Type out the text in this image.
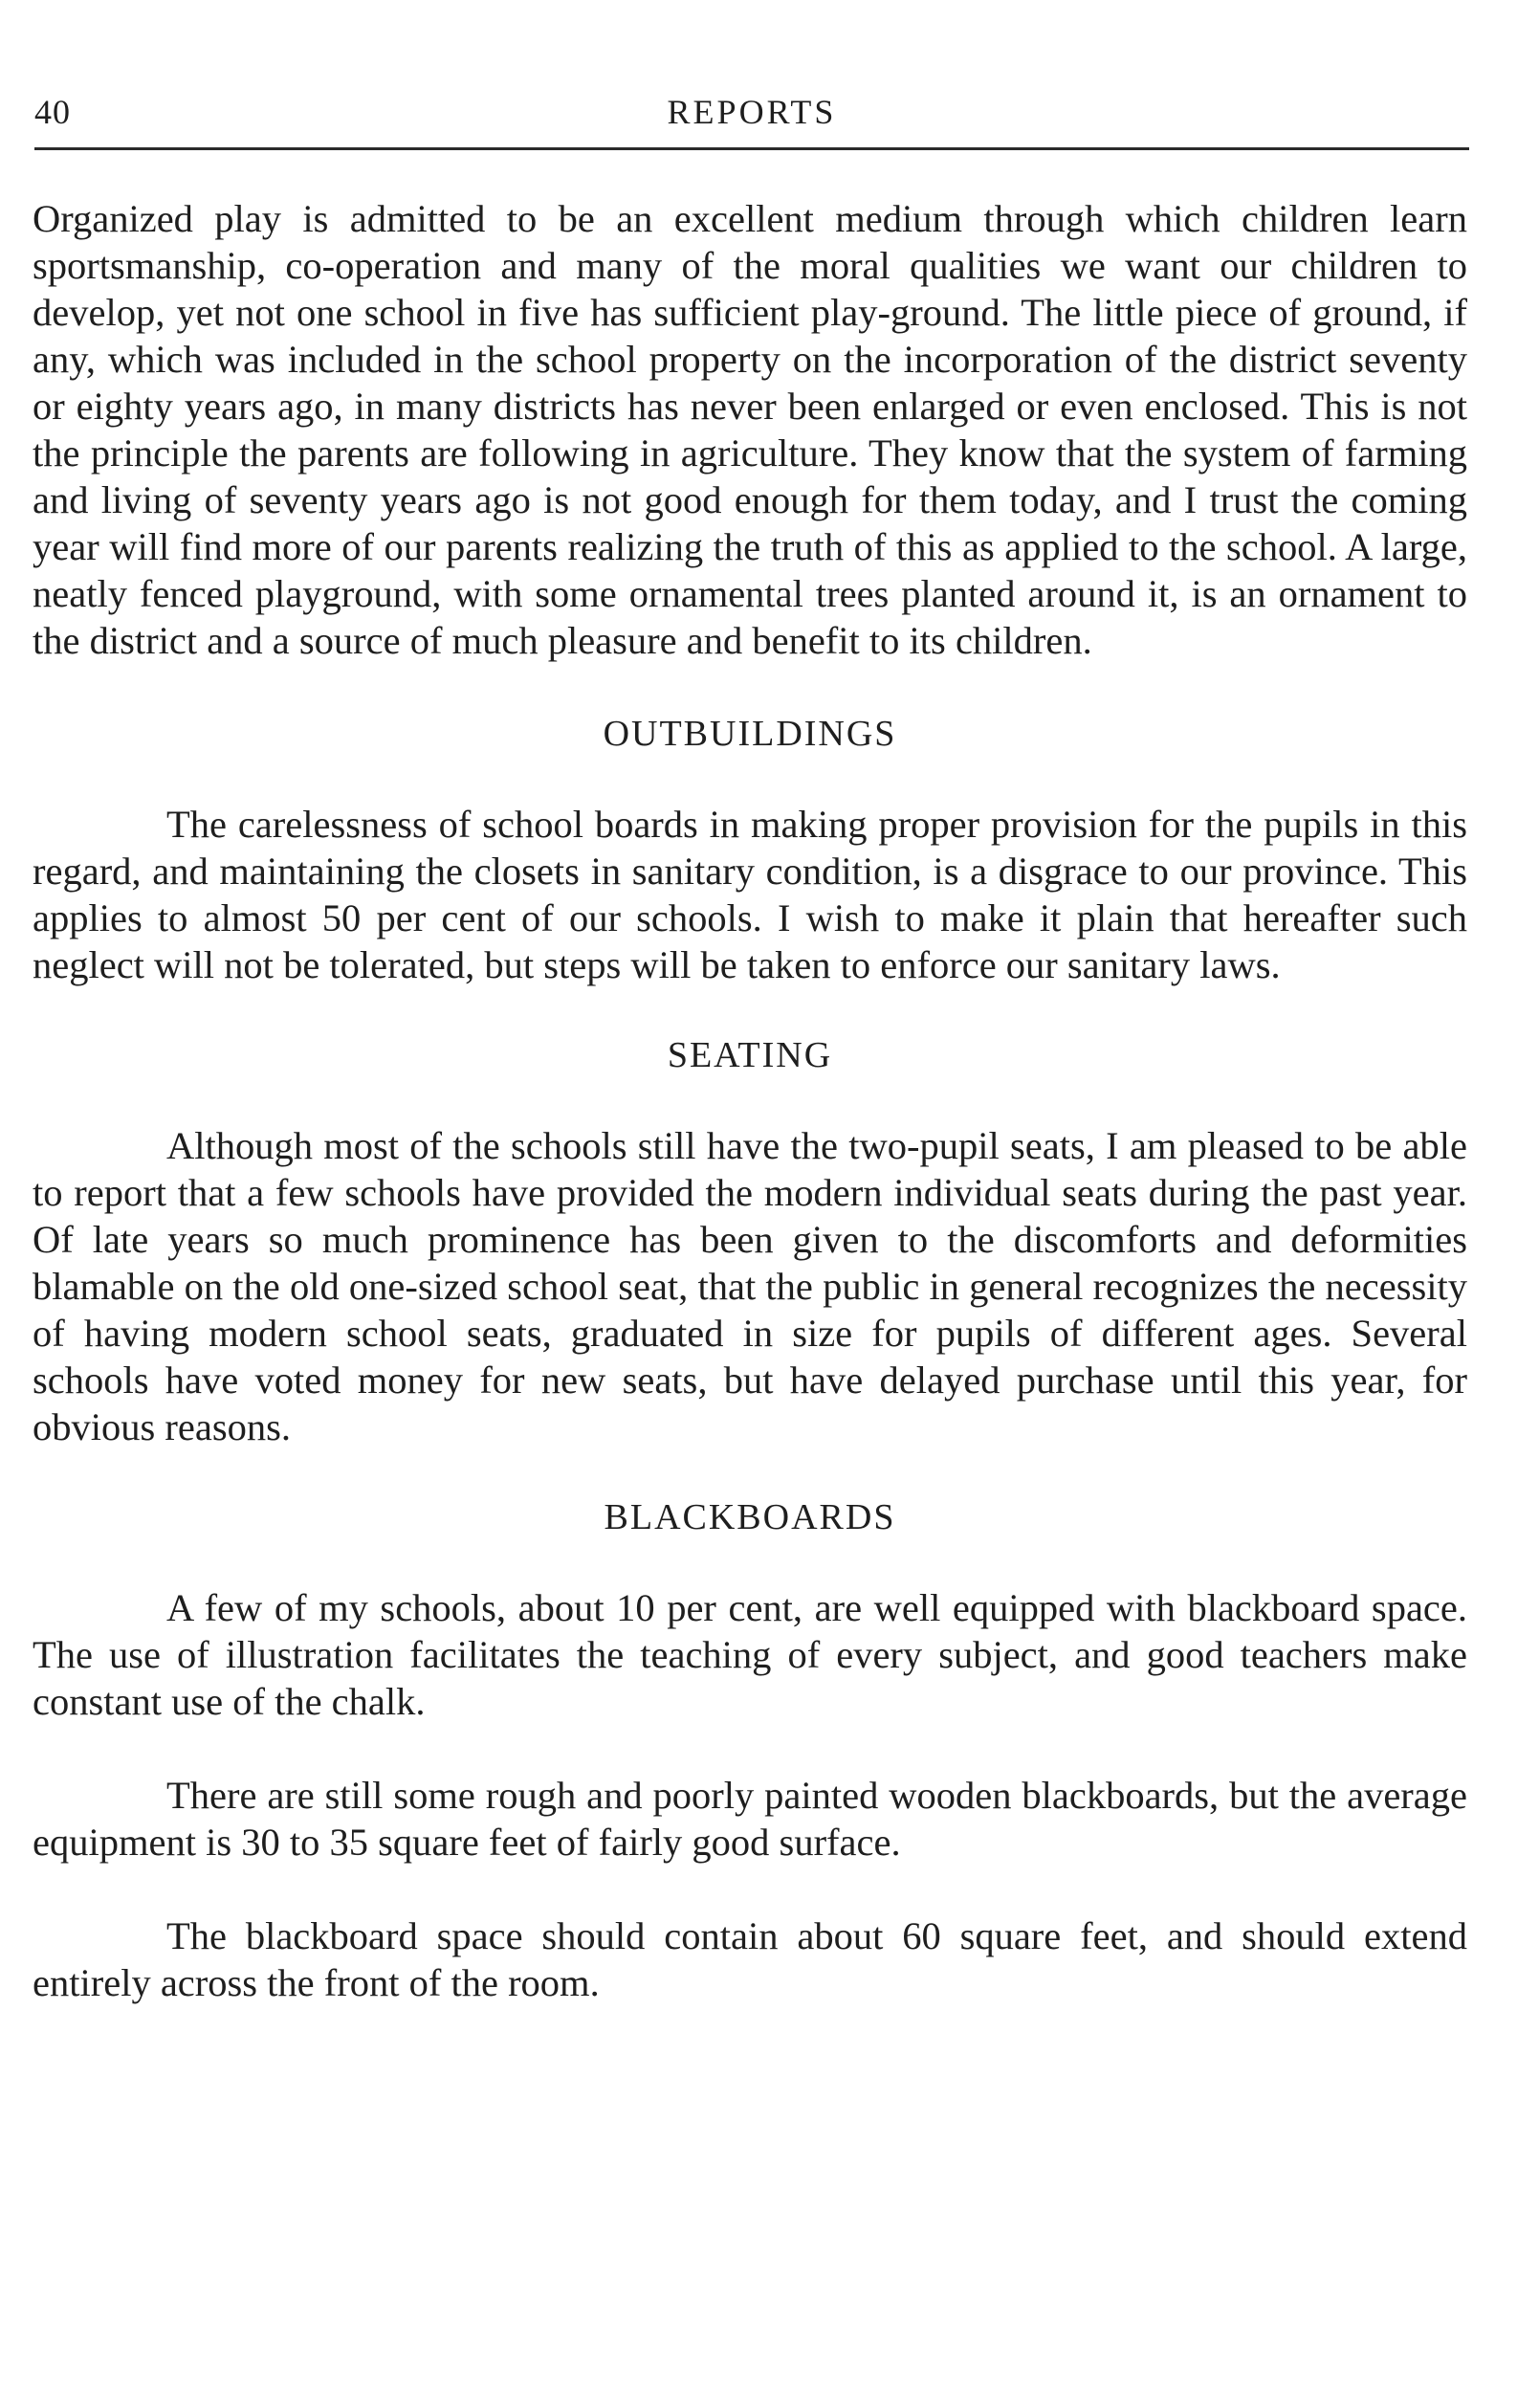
40	REPORTS

Organized play is admitted to be an excellent medium through which children learn sportsmanship, co-operation and many of the moral qualities we want our children to develop, yet not one school in five has sufficient play-ground. The little piece of ground, if any, which was included in the school property on the incorporation of the district seventy or eighty years ago, in many districts has never been enlarged or even enclosed. This is not the principle the parents are following in agriculture. They know that the system of farming and living of seventy years ago is not good enough for them today, and I trust the coming year will find more of our parents realizing the truth of this as applied to the school. A large, neatly fenced playground, with some ornamental trees planted around it, is an ornament to the district and a source of much pleasure and benefit to its children.

OUTBUILDINGS

The carelessness of school boards in making proper provision for the pupils in this regard, and maintaining the closets in sanitary condition, is a disgrace to our province. This applies to almost 50 per cent of our schools. I wish to make it plain that hereafter such neglect will not be tolerated, but steps will be taken to enforce our sanitary laws.

SEATING

Although most of the schools still have the two-pupil seats, I am pleased to be able to report that a few schools have provided the modern individual seats during the past year. Of late years so much prominence has been given to the discomforts and deformities blamable on the old one-sized school seat, that the public in general recognizes the necessity of having modern school seats, graduated in size for pupils of different ages. Several schools have voted money for new seats, but have delayed purchase until this year, for obvious reasons.

BLACKBOARDS

A few of my schools, about 10 per cent, are well equipped with blackboard space. The use of illustration facilitates the teaching of every subject, and good teachers make constant use of the chalk.

There are still some rough and poorly painted wooden blackboards, but the average equipment is 30 to 35 square feet of fairly good surface.

The blackboard space should contain about 60 square feet, and should extend entirely across the front of the room.
